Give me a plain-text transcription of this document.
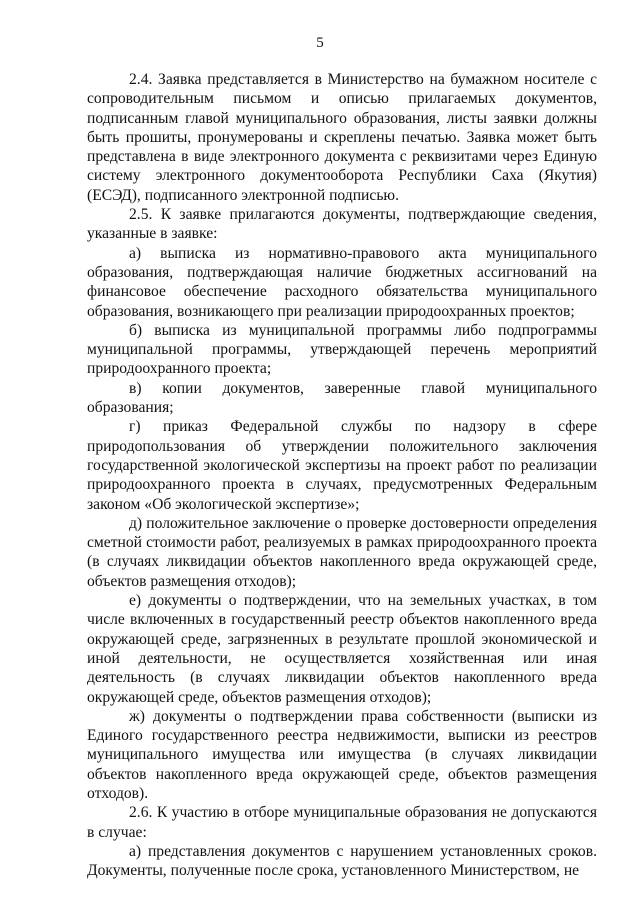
5

2.4. Заявка представляется в Министерство на бумажном носителе с сопроводительным письмом и описью прилагаемых документов, подписанным главой муниципального образования, листы заявки должны быть прошиты, пронумерованы и скреплены печатью. Заявка может быть представлена в виде электронного документа с реквизитами через Единую систему электронного документооборота Республики Саха (Якутия) (ЕСЭД), подписанного электронной подписью.

2.5. К заявке прилагаются документы, подтверждающие сведения, указанные в заявке:

а) выписка из нормативно-правового акта муниципального образования, подтверждающая наличие бюджетных ассигнований на финансовое обеспечение расходного обязательства муниципального образования, возникающего при реализации природоохранных проектов;

б) выписка из муниципальной программы либо подпрограммы муниципальной программы, утверждающей перечень мероприятий природоохранного проекта;

в) копии документов, заверенные главой муниципального образования;

г) приказ Федеральной службы по надзору в сфере природопользования об утверждении положительного заключения государственной экологической экспертизы на проект работ по реализации природоохранного проекта в случаях, предусмотренных Федеральным законом «Об экологической экспертизе»;

д) положительное заключение о проверке достоверности определения сметной стоимости работ, реализуемых в рамках природоохранного проекта (в случаях ликвидации объектов накопленного вреда окружающей среде, объектов размещения отходов);

е) документы о подтверждении, что на земельных участках, в том числе включенных в государственный реестр объектов накопленного вреда окружающей среде, загрязненных в результате прошлой экономической и иной деятельности, не осуществляется хозяйственная или иная деятельность (в случаях ликвидации объектов накопленного вреда окружающей среде, объектов размещения отходов);

ж) документы о подтверждении права собственности (выписки из Единого государственного реестра недвижимости, выписки из реестров муниципального имущества или имущества (в случаях ликвидации объектов накопленного вреда окружающей среде, объектов размещения отходов).

2.6. К участию в отборе муниципальные образования не допускаются в случае:

а) представления документов с нарушением установленных сроков. Документы, полученные после срока, установленного Министерством, не
